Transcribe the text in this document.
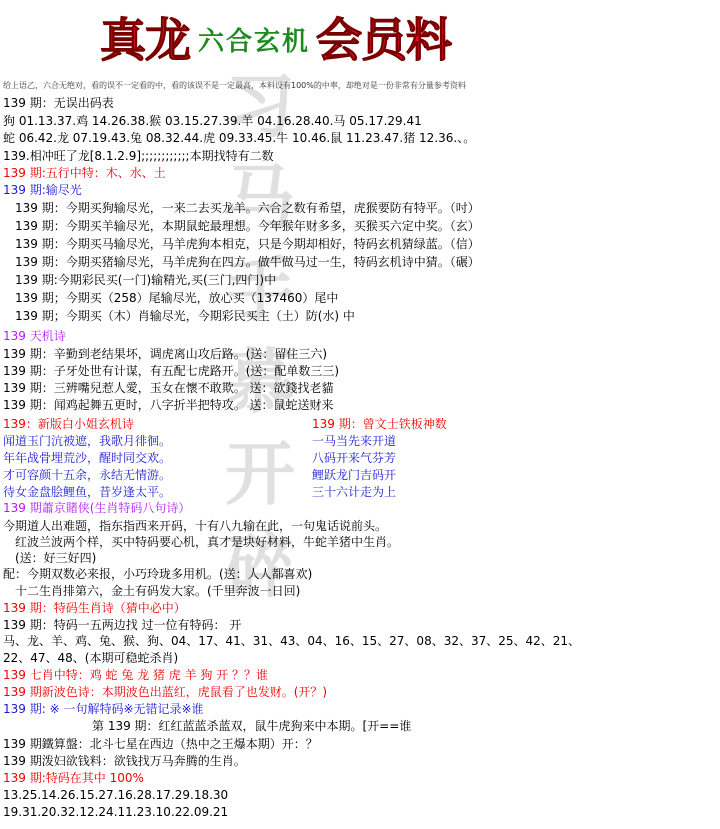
真龙 六合玄机 会员料
习
马
手
慕
开
碎
给上语乙，六合无绝对，看的误不一定看的中，看的该误不是一定最高，本料设有100%的中率，却绝对是一份非常有分量参考资料
139 期：无误出码表
狗 01.13.37.鸡 14.26.38.猴 03.15.27.39.羊 04.16.28.40.马 05.17.29.41
蛇 06.42.龙 07.19.43.兔 08.32.44.虎 09.33.45.牛 10.46.鼠 11.23.47.猪 12.36.、。
139.相冲旺了龙[8.1.2.9];;;;;;;;;;;;本期找特有二数
139 期:五行中特：木、水、土
139 期:输尽光
139 期：今期买狗输尽光，一来二去买龙羊。六合之数有希望，虎猴要防有特平。（吋）
139 期：今期买羊输尽光，本期鼠蛇最理想。今年猴年财多多，买猴买六定中奖。（玄）
139 期：今期买马输尽光，马羊虎狗本相克，只是今期却相好，特码玄机猜绿蓝。（信）
139 期：今期买猪输尽光，马羊虎狗在四方。做牛做马过一生，特码玄机诗中猜。（碾）
139 期:今期彩民买(一门)输精光,买(三门,四门)中
139 期；今期买（258）尾输尽光，放心买（137460）尾中
139 期；今期买（木）肖输尽光，今期彩民买主（土）防(水) 中
139 天机诗
139 期：辛勤到老结果坏，调虎离山攻后路。(送：留住三六)
139 期：子牙处世有计谋，有五配七虎路开。(送：配单数三三)
139 期：三辨嘴兒惹人愛，玉女在懷不敢欺。 送：欲錢找老貓
139 期：闻鸡起舞五更时，八字折半把特攻。 送：鼠蛇送财来
139：新版白小姐玄机诗	139 期：曾文士铁板神数
闻道玉门沆被遮，我歌月徘徊。
年年战骨埋荒沙，醒时同交欢。
才可容颜十五余，永结无情游。
待女金盘脍鲤鱼，昔岁逢太平。
一马当先来开道
八码开来气芬芳
鲤跃龙门吉码开
三十六计走为上
139 期蕭京賭侠(生肖特码八句诗）
今期道人出难题，指东指西来开码，十有八九输在此，一句鬼话说前头。
红波兰波两个样，买中特码要心机，真才是块好材料，牛蛇羊猪中生肖。
(送：好三好四)
配：今期双数必来报，小巧玲珑多用机。(送：人人都喜欢)
十二生肖排第六，金土有码发大家。(千里奔波一日回)
139 期：特码生肖诗（猜中必中）
139 期：特码一五两边找 过一位有特码： 开
马、龙、羊、鸡、兔、猴、狗、04、17、41、31、43、04、16、15、27、08、32、37、25、42、21、
22、47、48、(本期可稳蛇杀肖)
139 七肖中特：鸡 蛇 兔 龙 猪 虎 羊 狗 开 ？？谁
139 期新波色诗：本期波色出蓝红，虎鼠看了也发财。(开？)
139 期: ※ 一句解特码※无错记录※谁
第 139 期：红红蓝蓝杀蓝双，鼠牛虎狗来中本期。[开==谁
139 期鐵算盤：北斗七星在西边（热中之王爆本期）开：？
139 期泼妇欲钱料：欲钱找万马奔腾的生肖。
139 期:特码在其中 100%
13.25.14.26.15.27.16.28.17.29.18.30
19.31.20.32.12.24.11.23.10.22.09.21
